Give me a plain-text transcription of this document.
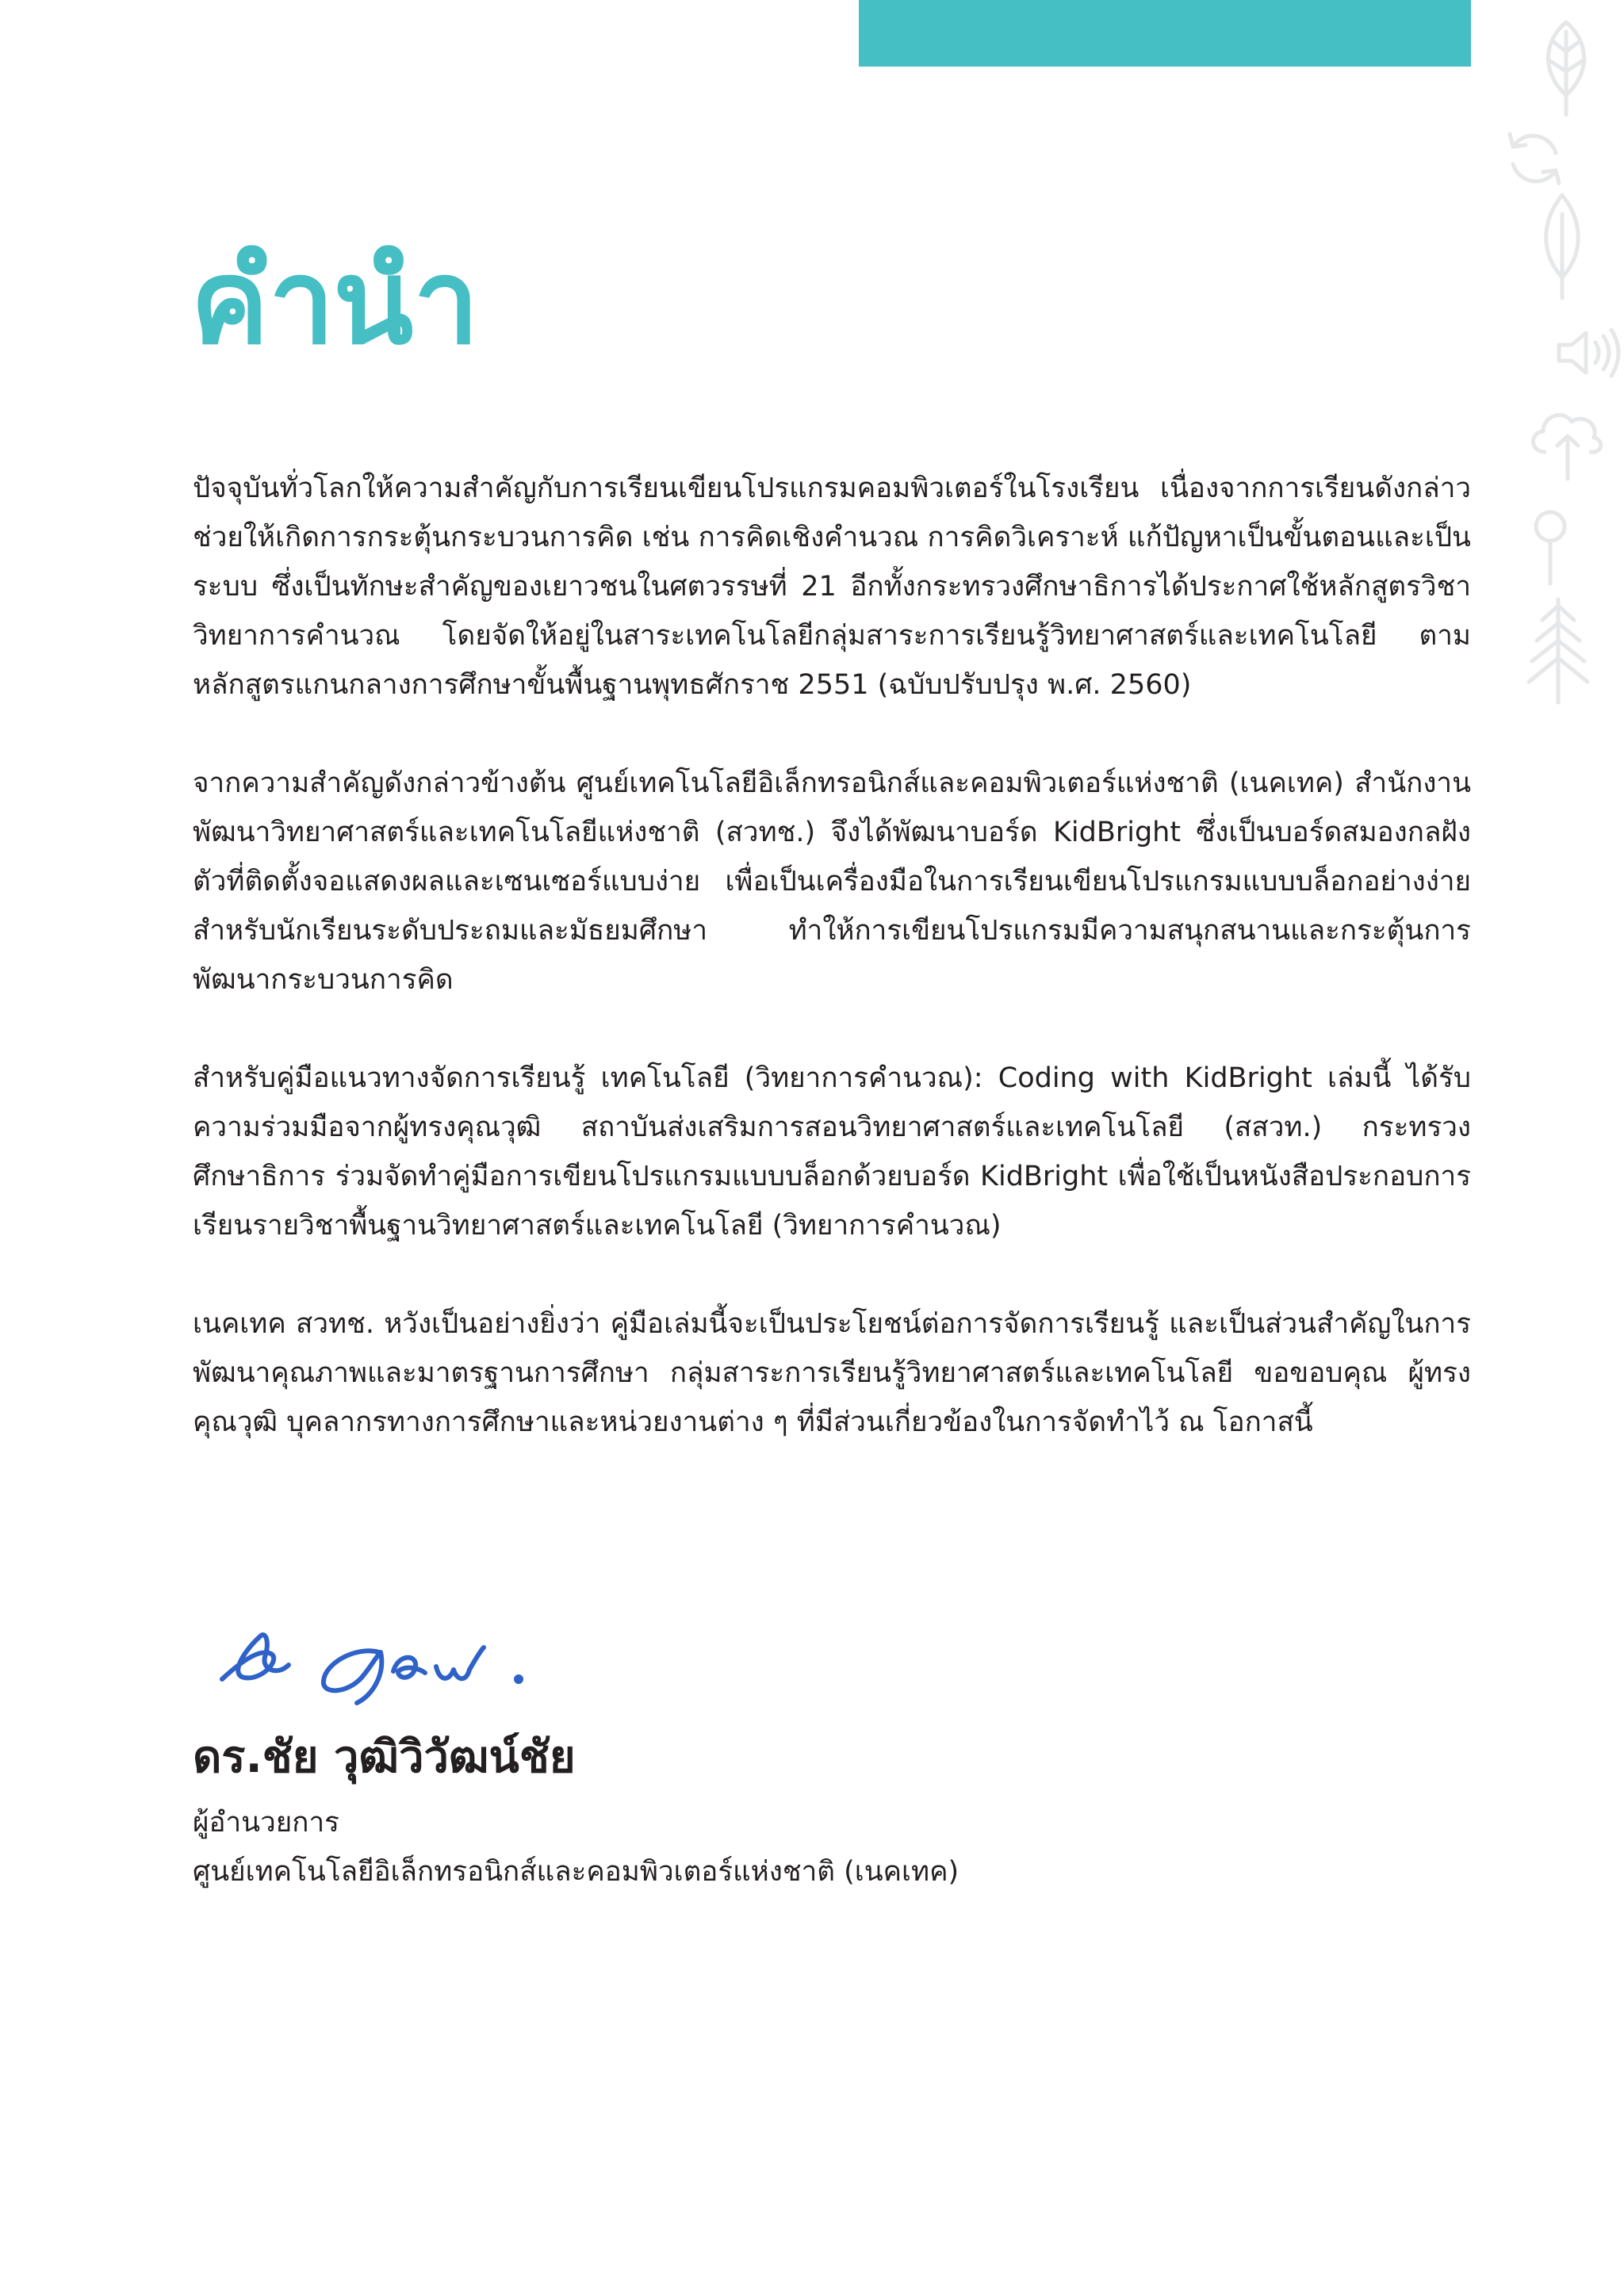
คำนำ

ปัจจุบันทั่วโลกให้ความสำคัญกับการเรียนเขียนโปรแกรมคอมพิวเตอร์ในโรงเรียน เนื่องจากการเรียนดังกล่าวช่วยให้เกิดการกระตุ้นกระบวนการคิด เช่น การคิดเชิงคำนวณ การคิดวิเคราะห์ แก้ปัญหาเป็นขั้นตอนและเป็นระบบ ซึ่งเป็นทักษะสำคัญของเยาวชนในศตวรรษที่ 21 อีกทั้งกระทรวงศึกษาธิการได้ประกาศใช้หลักสูตรวิชาวิทยาการคำนวณ โดยจัดให้อยู่ในสาระเทคโนโลยีกลุ่มสาระการเรียนรู้วิทยาศาสตร์และเทคโนโลยี ตามหลักสูตรแกนกลางการศึกษาขั้นพื้นฐานพุทธศักราช 2551 (ฉบับปรับปรุง พ.ศ. 2560)

จากความสำคัญดังกล่าวข้างต้น ศูนย์เทคโนโลยีอิเล็กทรอนิกส์และคอมพิวเตอร์แห่งชาติ (เนคเทค) สำนักงานพัฒนาวิทยาศาสตร์และเทคโนโลยีแห่งชาติ (สวทช.) จึงได้พัฒนาบอร์ด KidBright ซึ่งเป็นบอร์ดสมองกลฝังตัวที่ติดตั้งจอแสดงผลและเซนเซอร์แบบง่าย เพื่อเป็นเครื่องมือในการเรียนเขียนโปรแกรมแบบบล็อกอย่างง่ายสำหรับนักเรียนระดับประถมและมัธยมศึกษา ทำให้การเขียนโปรแกรมมีความสนุกสนานและกระตุ้นการพัฒนากระบวนการคิด

สำหรับคู่มือแนวทางจัดการเรียนรู้ เทคโนโลยี (วิทยาการคำนวณ): Coding with KidBright เล่มนี้ ได้รับความร่วมมือจากผู้ทรงคุณวุฒิ สถาบันส่งเสริมการสอนวิทยาศาสตร์และเทคโนโลยี (สสวท.) กระทรวงศึกษาธิการ ร่วมจัดทำคู่มือการเขียนโปรแกรมแบบบล็อกด้วยบอร์ด KidBright เพื่อใช้เป็นหนังสือประกอบการเรียนรายวิชาพื้นฐานวิทยาศาสตร์และเทคโนโลยี (วิทยาการคำนวณ)

เนคเทค สวทช. หวังเป็นอย่างยิ่งว่า คู่มือเล่มนี้จะเป็นประโยชน์ต่อการจัดการเรียนรู้ และเป็นส่วนสำคัญในการพัฒนาคุณภาพและมาตรฐานการศึกษา กลุ่มสาระการเรียนรู้วิทยาศาสตร์และเทคโนโลยี ขอขอบคุณ ผู้ทรงคุณวุฒิ บุคลากรทางการศึกษาและหน่วยงานต่าง ๆ ที่มีส่วนเกี่ยวข้องในการจัดทำไว้ ณ โอกาสนี้

ดร.ชัย วุฒิวิวัฒน์ชัย
ผู้อำนวยการ
ศูนย์เทคโนโลยีอิเล็กทรอนิกส์และคอมพิวเตอร์แห่งชาติ (เนคเทค)
